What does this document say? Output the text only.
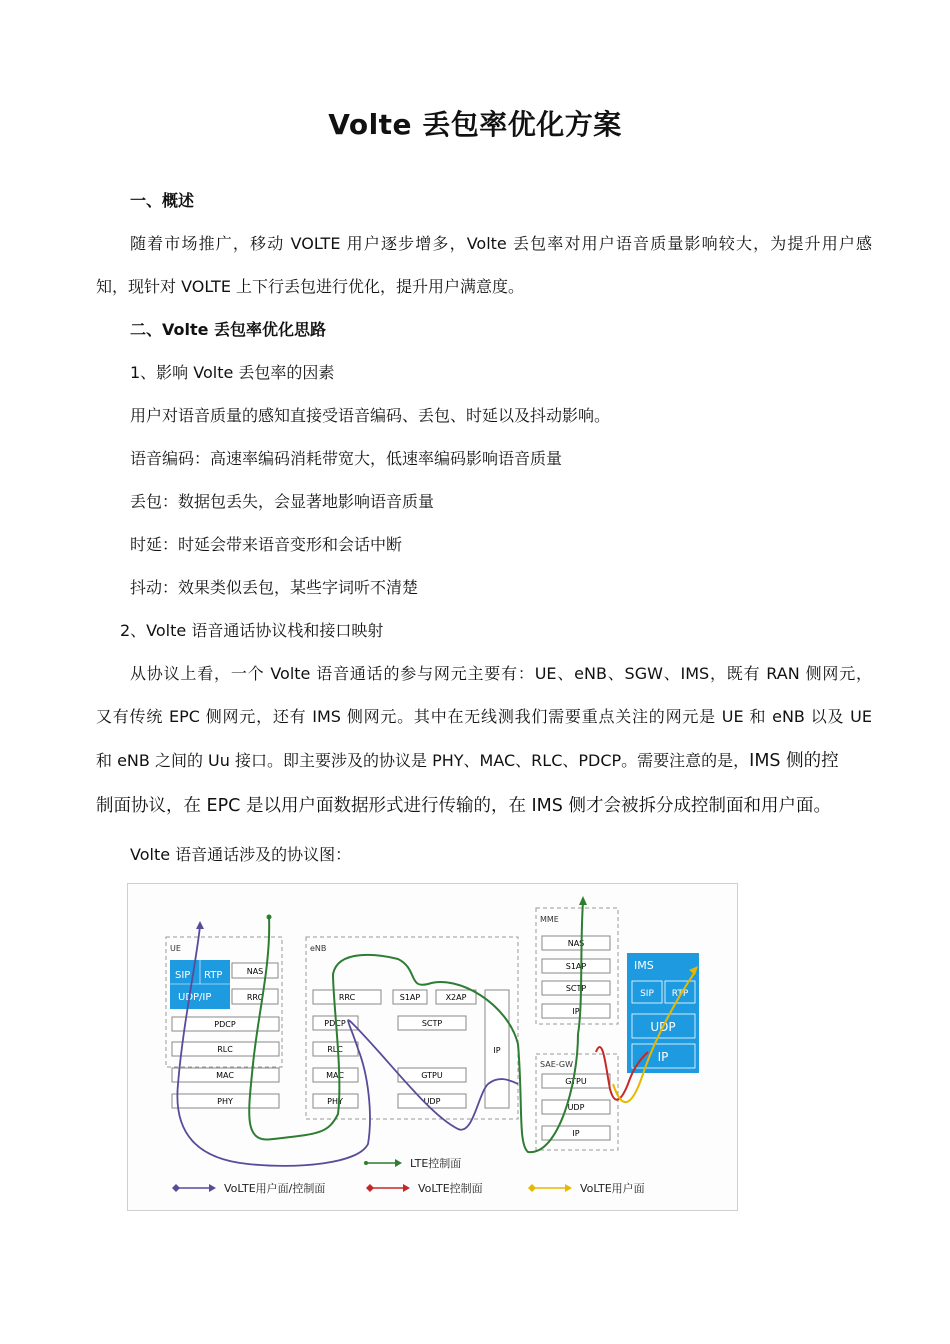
Volte 丢包率优化方案
一、概述
随着市场推广，移动 VOLTE 用户逐步增多，Volte 丢包率对用户语音质量影响较大，为提升用户感
知，现针对 VOLTE 上下行丢包进行优化，提升用户满意度。
二、Volte 丢包率优化思路
1、影响 Volte 丢包率的因素
用户对语音质量的感知直接受语音编码、丢包、时延以及抖动影响。
语音编码：高速率编码消耗带宽大，低速率编码影响语音质量
丢包：数据包丢失，会显著地影响语音质量
时延：时延会带来语音变形和会话中断
抖动：效果类似丢包，某些字词听不清楚
2、Volte 语音通话协议栈和接口映射
从协议上看，一个 Volte 语音通话的参与网元主要有：UE、eNB、SGW、IMS，既有 RAN 侧网元，
又有传统 EPC 侧网元，还有 IMS 侧网元。其中在无线测我们需要重点关注的网元是 UE 和 eNB 以及 UE
和 eNB 之间的 Uu 接口。即主要涉及的协议是 PHY、MAC、RLC、PDCP。需要注意的是，IMS 侧的控
制面协议，在 EPC 是以用户面数据形式进行传输的，在 IMS 侧才会被拆分成控制面和用户面。
Volte 语音通话涉及的协议图：
UE
SIP RTP
UDP/IP
NAS
RRC
PDCP
RLC
MAC
PHY
eNB
RRC	S1AP	X2AP
PDCP	SCTP
RLC
MAC	GTPU
PHY	UDP
IP
MME
NAS
S1AP
SCTP
IP
SAE-GW
GTPU
UDP
IP
IMS
SIP RTP
UDP
IP
LTE控制面
VoLTE用户面/控制面	VoLTE控制面	VoLTE用户面
